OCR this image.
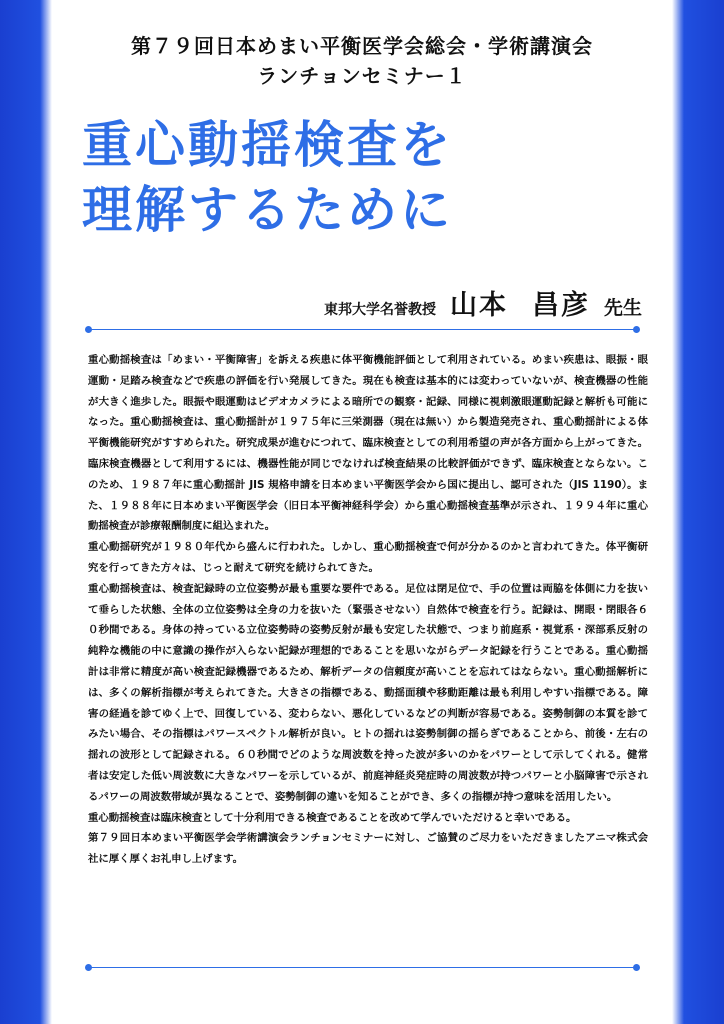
第７９回日本めまい平衡医学会総会・学術講演会
ランチョンセミナー１
重心動揺検査を
理解するために
東邦大学名誉教授 山本 昌彦 先生

重心動揺検査は「めまい・平衡障害」を訴える疾患に体平衡機能評価として利用されている。めまい疾患は、眼振・眼運動・足踏み検査などで疾患の評価を行い発展してきた。現在も検査は基本的には変わっていないが、検査機器の性能が大きく進歩した。眼振や眼運動はビデオカメラによる暗所での観察・記録、同様に視刺激眼運動記録と解析も可能になった。重心動揺検査は、重心動揺計が１９７５年に三栄測器（現在は無い）から製造発売され、重心動揺計による体平衡機能研究がすすめられた。研究成果が進むにつれて、臨床検査としての利用希望の声が各方面から上がってきた。臨床検査機器として利用するには、機器性能が同じでなければ検査結果の比較評価ができず、臨床検査とならない。このため、１９８７年に重心動揺計 JIS 規格申請を日本めまい平衡医学会から国に提出し、認可された（JIS 1190）。また、１９８８年に日本めまい平衡医学会（旧日本平衡神経科学会）から重心動揺検査基準が示され、１９９４年に重心動揺検査が診療報酬制度に組込まれた。

重心動揺研究が１９８０年代から盛んに行われた。しかし、重心動揺検査で何が分かるのかと言われてきた。体平衡研究を行ってきた方々は、じっと耐えて研究を続けられてきた。

重心動揺検査は、検査記録時の立位姿勢が最も重要な要件である。足位は閉足位で、手の位置は両脇を体側に力を抜いて垂らした状態、全体の立位姿勢は全身の力を抜いた（緊張させない）自然体で検査を行う。記録は、開眼・閉眼各６０秒間である。身体の持っている立位姿勢時の姿勢反射が最も安定した状態で、つまり前庭系・視覚系・深部系反射の純粋な機能の中に意識の操作が入らない記録が理想的であることを思いながらデータ記録を行うことである。重心動揺計は非常に精度が高い検査記録機器であるため、解析データの信頼度が高いことを忘れてはならない。重心動揺解析には、多くの解析指標が考えられてきた。大きさの指標である、動揺面積や移動距離は最も利用しやすい指標である。障害の経過を診てゆく上で、回復している、変わらない、悪化しているなどの判断が容易である。姿勢制御の本質を診てみたい場合、その指標はパワースペクトル解析が良い。ヒトの揺れは姿勢制御の揺らぎであることから、前後・左右の揺れの波形として記録される。６０秒間でどのような周波数を持った波が多いのかをパワーとして示してくれる。健常者は安定した低い周波数に大きなパワーを示しているが、前庭神経炎発症時の周波数が持つパワーと小脳障害で示されるパワーの周波数帯域が異なることで、姿勢制御の違いを知ることができ、多くの指標が持つ意味を活用したい。

重心動揺検査は臨床検査として十分利用できる検査であることを改めて学んでいただけると幸いである。

第７９回日本めまい平衡医学会学術講演会ランチョンセミナーに対し、ご協賛のご尽力をいただきましたアニマ株式会社に厚く厚くお礼申し上げます。
